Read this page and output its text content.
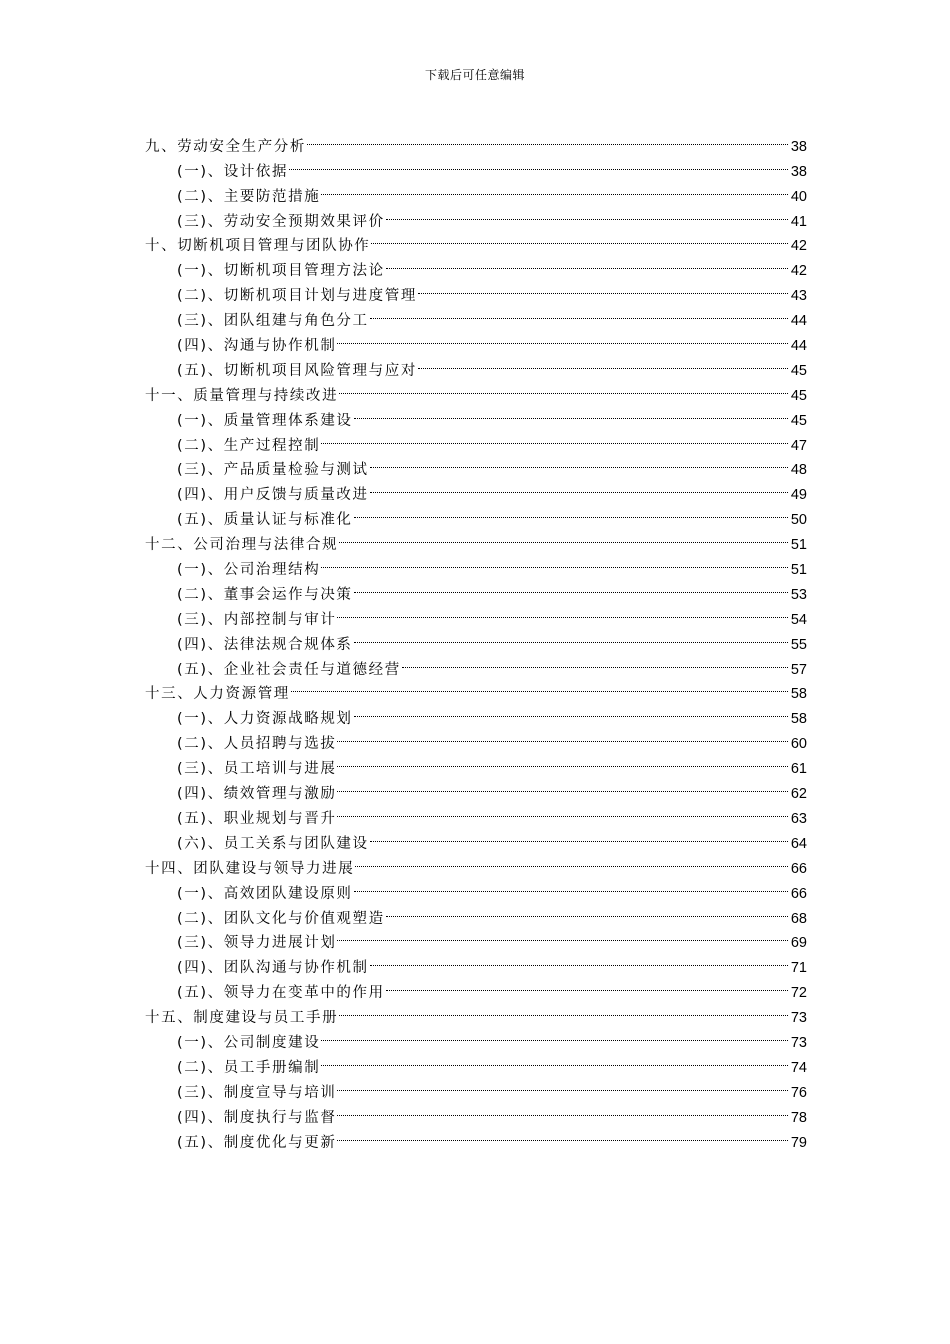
下载后可任意编辑
九、劳动安全生产分析	38
(一)、设计依据	38
(二)、主要防范措施	40
(三)、劳动安全预期效果评价	41
十、切断机项目管理与团队协作	42
(一)、切断机项目管理方法论	42
(二)、切断机项目计划与进度管理	43
(三)、团队组建与角色分工	44
(四)、沟通与协作机制	44
(五)、切断机项目风险管理与应对	45
十一、质量管理与持续改进	45
(一)、质量管理体系建设	45
(二)、生产过程控制	47
(三)、产品质量检验与测试	48
(四)、用户反馈与质量改进	49
(五)、质量认证与标准化	50
十二、公司治理与法律合规	51
(一)、公司治理结构	51
(二)、董事会运作与决策	53
(三)、内部控制与审计	54
(四)、法律法规合规体系	55
(五)、企业社会责任与道德经营	57
十三、人力资源管理	58
(一)、人力资源战略规划	58
(二)、人员招聘与选拔	60
(三)、员工培训与进展	61
(四)、绩效管理与激励	62
(五)、职业规划与晋升	63
(六)、员工关系与团队建设	64
十四、团队建设与领导力进展	66
(一)、高效团队建设原则	66
(二)、团队文化与价值观塑造	68
(三)、领导力进展计划	69
(四)、团队沟通与协作机制	71
(五)、领导力在变革中的作用	72
十五、制度建设与员工手册	73
(一)、公司制度建设	73
(二)、员工手册编制	74
(三)、制度宣导与培训	76
(四)、制度执行与监督	78
(五)、制度优化与更新	79
